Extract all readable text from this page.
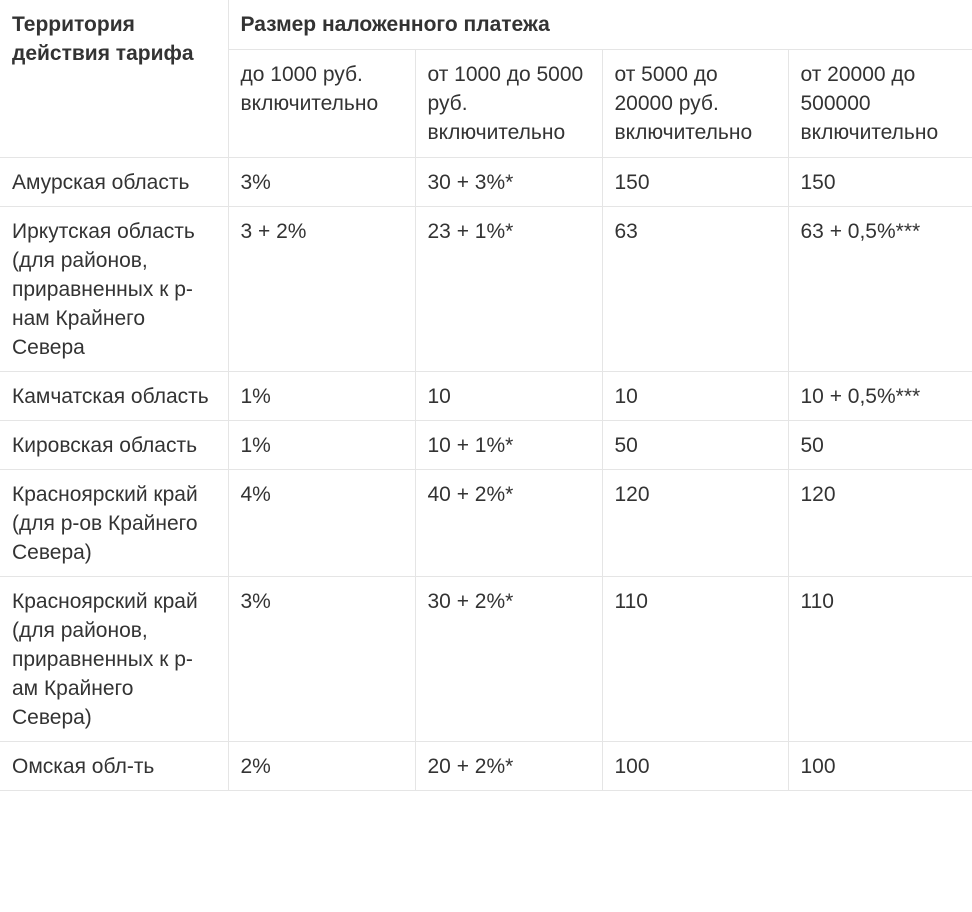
Территория действия тарифа	Размер наложенного платежа			
	до 1000 руб. включительно	от 1000 до 5000 руб. включительно	от 5000 до 20000 руб. включительно	от 20000 до 500000 включительно
Амурская область	3%	30 + 3%*	150	150
Иркутская область (для районов, приравненных к р-нам Крайнего Севера	3 + 2%	23 + 1%*	63	63 + 0,5%***
Камчатская область	1%	10	10	10 + 0,5%***
Кировская область	1%	10 + 1%*	50	50
Красноярский край (для р-ов Крайнего Севера)	4%	40 + 2%*	120	120
Красноярский край (для районов, приравненных к р-ам Крайнего Севера)	3%	30 + 2%*	110	110
Омская обл-ть	2%	20 + 2%*	100	100
